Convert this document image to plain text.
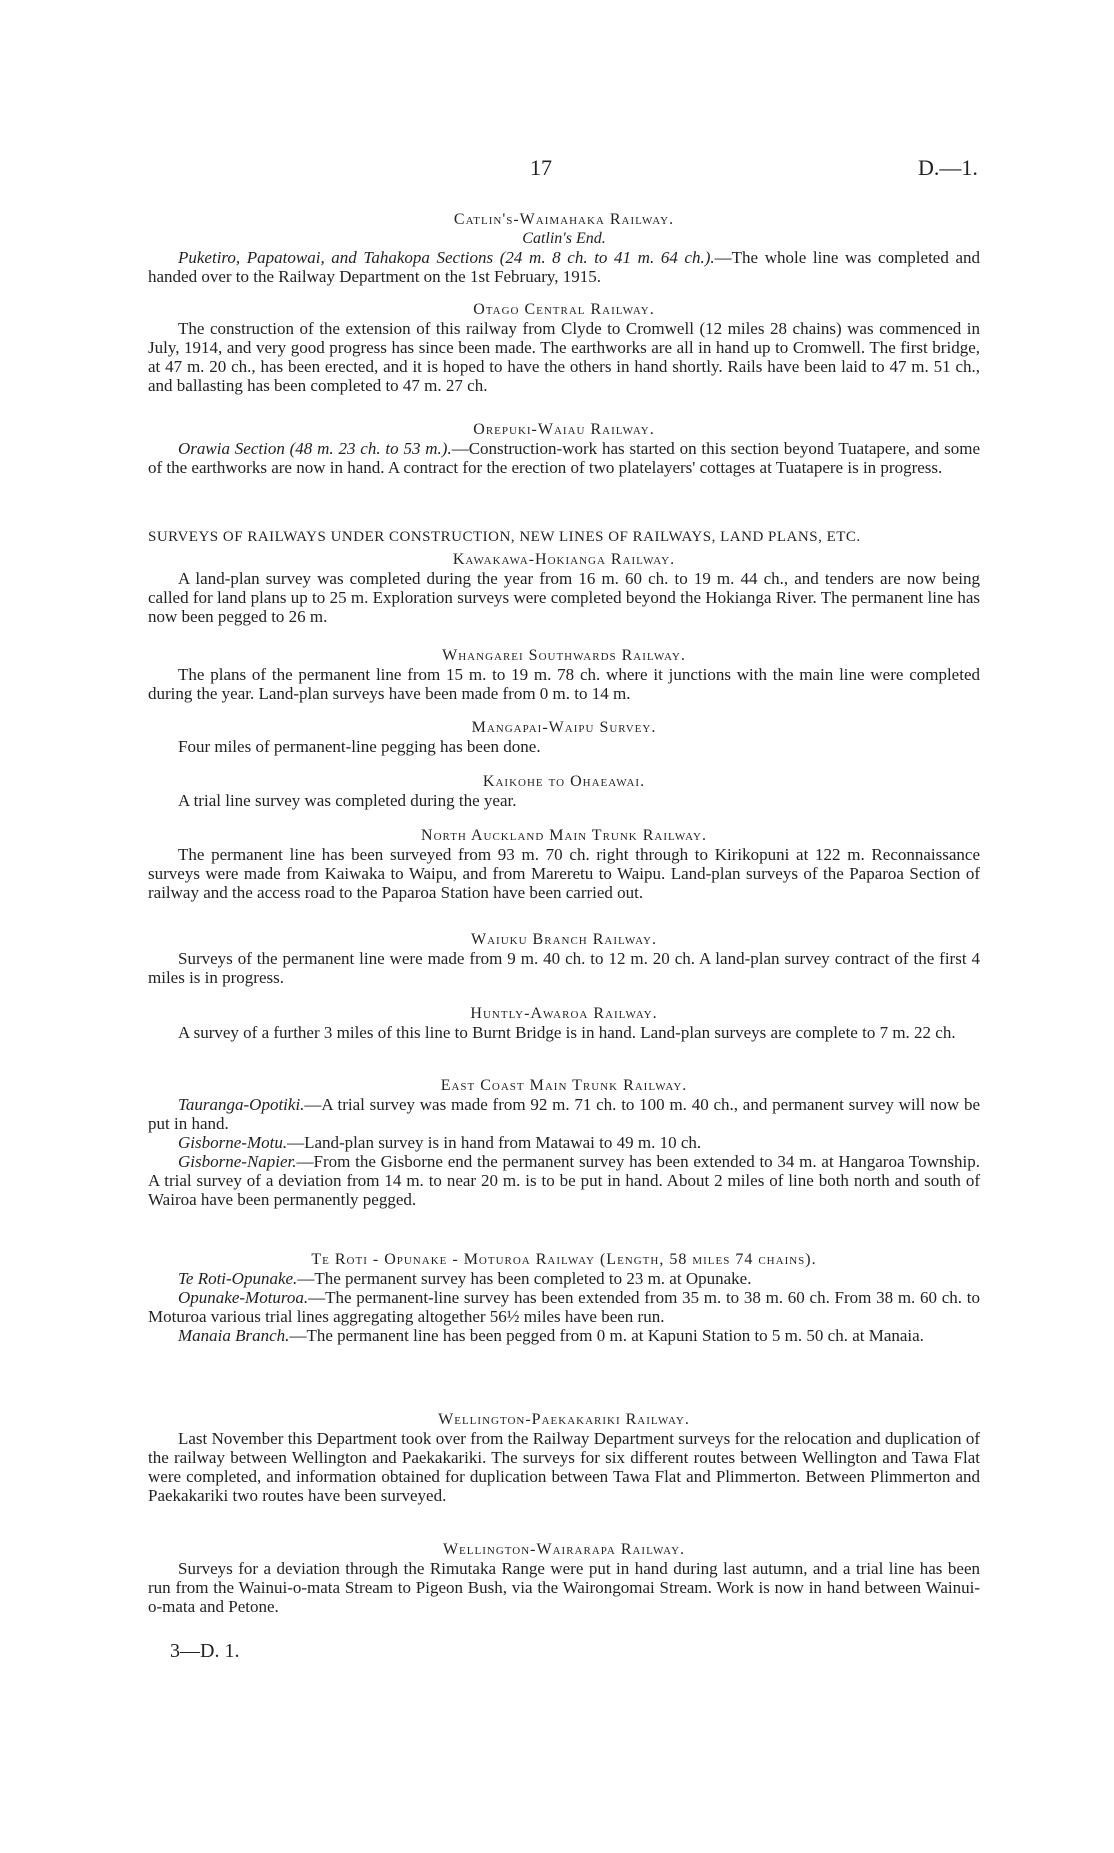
17	D.—1.
Catlin's-Waimahaka Railway.
Catlin's End.

Puketiro, Papatowai, and Tahakopa Sections (24 m. 8 ch. to 41 m. 64 ch.).—The whole line was completed and handed over to the Railway Department on the 1st February, 1915.

Otago Central Railway.

The construction of the extension of this railway from Clyde to Cromwell (12 miles 28 chains) was commenced in July, 1914, and very good progress has since been made. The earthworks are all in hand up to Cromwell. The first bridge, at 47 m. 20 ch., has been erected, and it is hoped to have the others in hand shortly. Rails have been laid to 47 m. 51 ch., and ballasting has been completed to 47 m. 27 ch.

Orepuki-Waiau Railway.

Orawia Section (48 m. 23 ch. to 53 m.).—Construction-work has started on this section beyond Tuatapere, and some of the earthworks are now in hand. A contract for the erection of two platelayers' cottages at Tuatapere is in progress.

SURVEYS OF RAILWAYS UNDER CONSTRUCTION, NEW LINES OF RAILWAYS, LAND PLANS, ETC.
Kawakawa-Hokianga Railway.

A land-plan survey was completed during the year from 16 m. 60 ch. to 19 m. 44 ch., and tenders are now being called for land plans up to 25 m. Exploration surveys were completed beyond the Hokianga River. The permanent line has now been pegged to 26 m.

Whangarei Southwards Railway.

The plans of the permanent line from 15 m. to 19 m. 78 ch. where it junctions with the main line were completed during the year. Land-plan surveys have been made from 0 m. to 14 m.

Mangapai-Waipu Survey.

Four miles of permanent-line pegging has been done.

Kaikohe to Ohaeawai.

A trial line survey was completed during the year.

North Auckland Main Trunk Railway.

The permanent line has been surveyed from 93 m. 70 ch. right through to Kirikopuni at 122 m. Reconnaissance surveys were made from Kaiwaka to Waipu, and from Mareretu to Waipu. Land-plan surveys of the Paparoa Section of railway and the access road to the Paparoa Station have been carried out.

Waiuku Branch Railway.

Surveys of the permanent line were made from 9 m. 40 ch. to 12 m. 20 ch. A land-plan survey contract of the first 4 miles is in progress.

Huntly-Awaroa Railway.

A survey of a further 3 miles of this line to Burnt Bridge is in hand. Land-plan surveys are complete to 7 m. 22 ch.

East Coast Main Trunk Railway.

Tauranga-Opotiki.—A trial survey was made from 92 m. 71 ch. to 100 m. 40 ch., and permanent survey will now be put in hand.

Gisborne-Motu.—Land-plan survey is in hand from Matawai to 49 m. 10 ch.

Gisborne-Napier.—From the Gisborne end the permanent survey has been extended to 34 m. at Hangaroa Township. A trial survey of a deviation from 14 m. to near 20 m. is to be put in hand. About 2 miles of line both north and south of Wairoa have been permanently pegged.

Te Roti - Opunake - Moturoa Railway (Length, 58 miles 74 chains).

Te Roti-Opunake.—The permanent survey has been completed to 23 m. at Opunake.

Opunake-Moturoa.—The permanent-line survey has been extended from 35 m. to 38 m. 60 ch. From 38 m. 60 ch. to Moturoa various trial lines aggregating altogether 56½ miles have been run.

Manaia Branch.—The permanent line has been pegged from 0 m. at Kapuni Station to 5 m. 50 ch. at Manaia.

Wellington-Paekakariki Railway.

Last November this Department took over from the Railway Department surveys for the relocation and duplication of the railway between Wellington and Paekakariki. The surveys for six different routes between Wellington and Tawa Flat were completed, and information obtained for duplication between Tawa Flat and Plimmerton. Between Plimmerton and Paekakariki two routes have been surveyed.

Wellington-Wairarapa Railway.

Surveys for a deviation through the Rimutaka Range were put in hand during last autumn, and a trial line has been run from the Wainui-o-mata Stream to Pigeon Bush, via the Wairongomai Stream. Work is now in hand between Wainui-o-mata and Petone.

3—D. 1.
